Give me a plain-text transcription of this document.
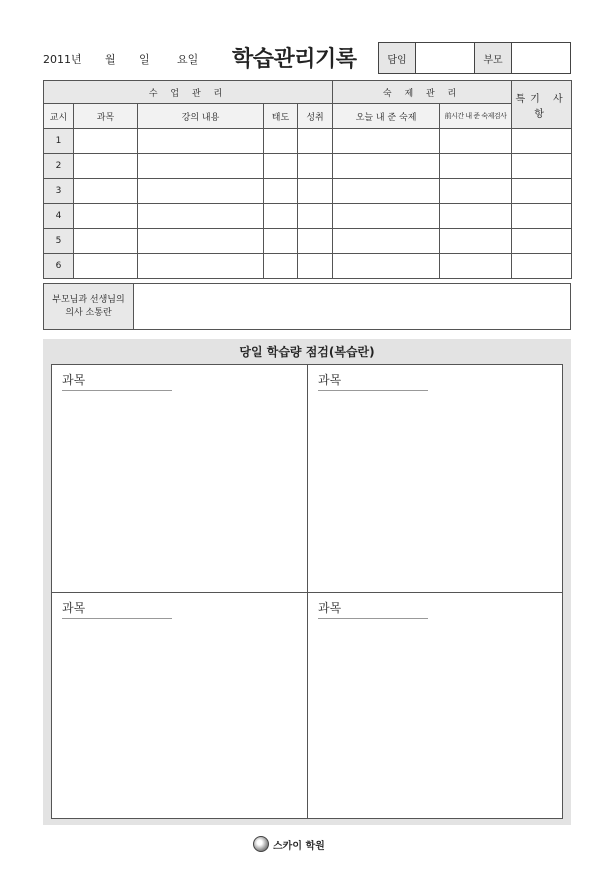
2011년 월 일 요일 학습관리기록	담임	부모
수 업 관 리					숙 제 관 리		특기 사항
교시	과목	강의 내용	태도	성취	오늘 내 준 숙제	前시간 내 준 숙제검사	
1							
2							
3							
4							
5							
6							
부모님과 선생님의
의사 소통란
당일 학습량 점검(복습란)
과목	과목
과목	과목
스카이 학원
